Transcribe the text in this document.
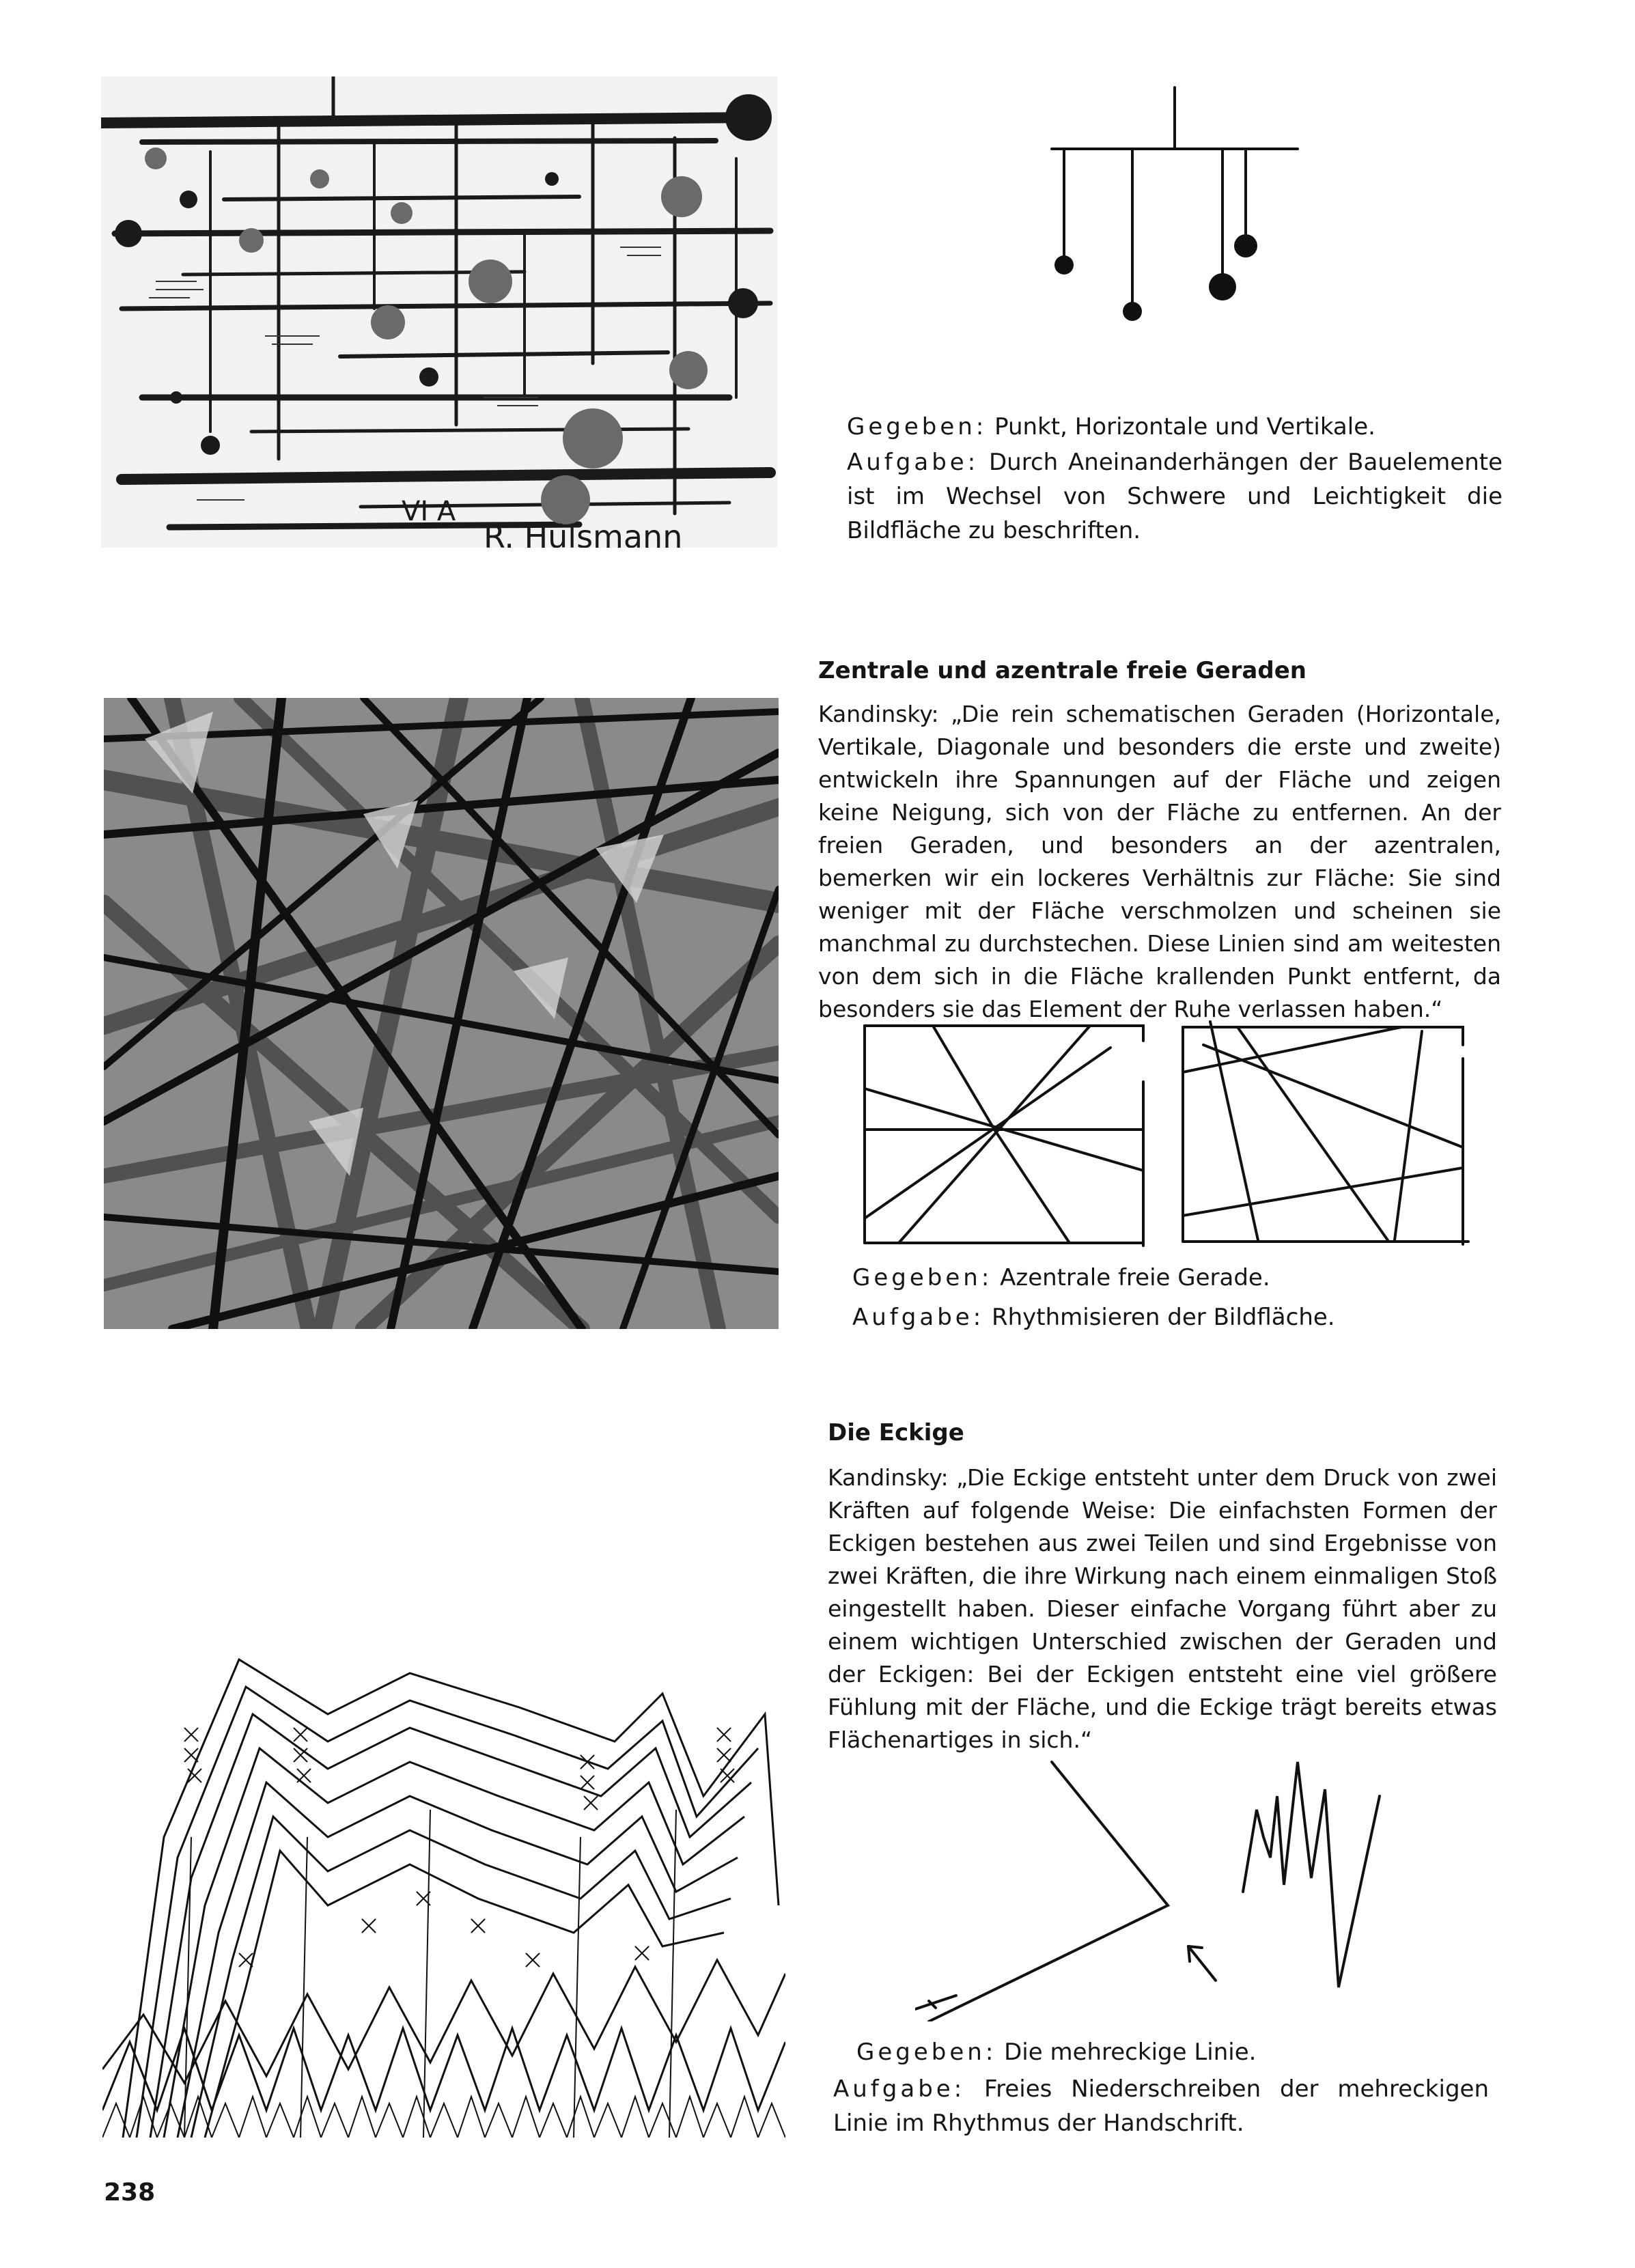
VI A
R. Hülsmann
Gegeben: Punkt, Horizontale und Vertikale.
Aufgabe: Durch Aneinanderhängen der Bauelemente ist im Wechsel von Schwere und Leichtigkeit die Bildfläche zu beschriften.
Zentrale und azentrale freie Geraden
Kandinsky: „Die rein schematischen Geraden (Horizontale, Vertikale, Diagonale und besonders die erste und zweite) entwickeln ihre Spannungen auf der Fläche und zeigen keine Neigung, sich von der Fläche zu entfernen. An der freien Geraden, und besonders an der azentralen, bemerken wir ein lockeres Verhältnis zur Fläche: Sie sind weniger mit der Fläche verschmolzen und scheinen sie manchmal zu durchstechen. Diese Linien sind am weitesten von dem sich in die Fläche krallenden Punkt entfernt, da besonders sie das Element der Ruhe verlassen haben.“
Gegeben: Azentrale freie Gerade.
Aufgabe: Rhythmisieren der Bildfläche.
Die Eckige
Kandinsky: „Die Eckige entsteht unter dem Druck von zwei Kräften auf folgende Weise: Die einfachsten Formen der Eckigen bestehen aus zwei Teilen und sind Ergebnisse von zwei Kräften, die ihre Wirkung nach einem einmaligen Stoß eingestellt haben. Dieser einfache Vorgang führt aber zu einem wichtigen Unterschied zwischen der Geraden und der Eckigen: Bei der Eckigen entsteht eine viel größere Fühlung mit der Fläche, und die Eckige trägt bereits etwas Flächenartiges in sich.“
Gegeben: Die mehreckige Linie.
Aufgabe: Freies Niederschreiben der mehreckigen Linie im Rhythmus der Handschrift.
238
